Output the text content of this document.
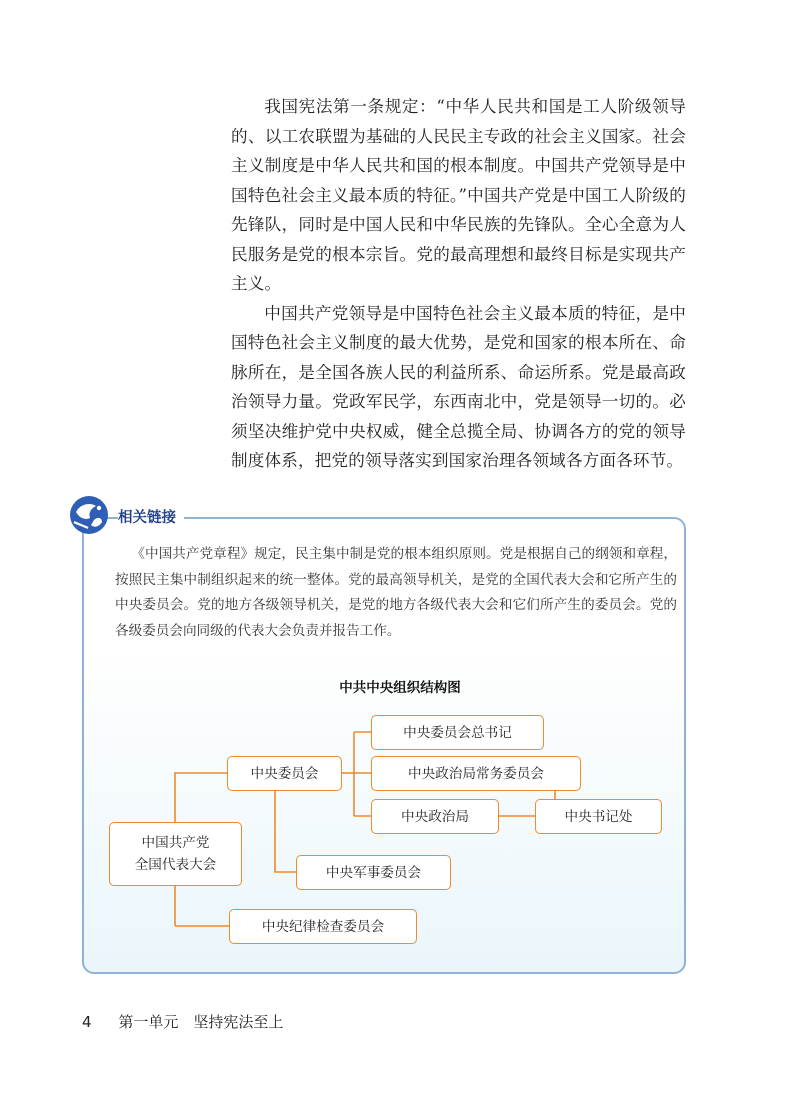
我国宪法第一条规定：“中华人民共和国是工人阶级领导的、以工农联盟为基础的人民民主专政的社会主义国家。社会主义制度是中华人民共和国的根本制度。中国共产党领导是中国特色社会主义最本质的特征。”中国共产党是中国工人阶级的先锋队，同时是中国人民和中华民族的先锋队。全心全意为人民服务是党的根本宗旨。党的最高理想和最终目标是实现共产主义。

中国共产党领导是中国特色社会主义最本质的特征，是中国特色社会主义制度的最大优势，是党和国家的根本所在、命脉所在，是全国各族人民的利益所系、命运所系。党是最高政治领导力量。党政军民学，东西南北中，党是领导一切的。必须坚决维护党中央权威，健全总揽全局、协调各方的党的领导制度体系，把党的领导落实到国家治理各领域各方面各环节。

相关链接

《中国共产党章程》规定，民主集中制是党的根本组织原则。党是根据自己的纲领和章程，按照民主集中制组织起来的统一整体。党的最高领导机关，是党的全国代表大会和它所产生的中央委员会。党的地方各级领导机关，是党的地方各级代表大会和它们所产生的委员会。党的各级委员会向同级的代表大会负责并报告工作。

中共中央组织结构图
中国共产党
全国代表大会
中央委员会
中央委员会总书记
中央政治局常务委员会
中央政治局	中央书记处
中央军事委员会
中央纪律检查委员会
4 第一单元　坚持宪法至上
